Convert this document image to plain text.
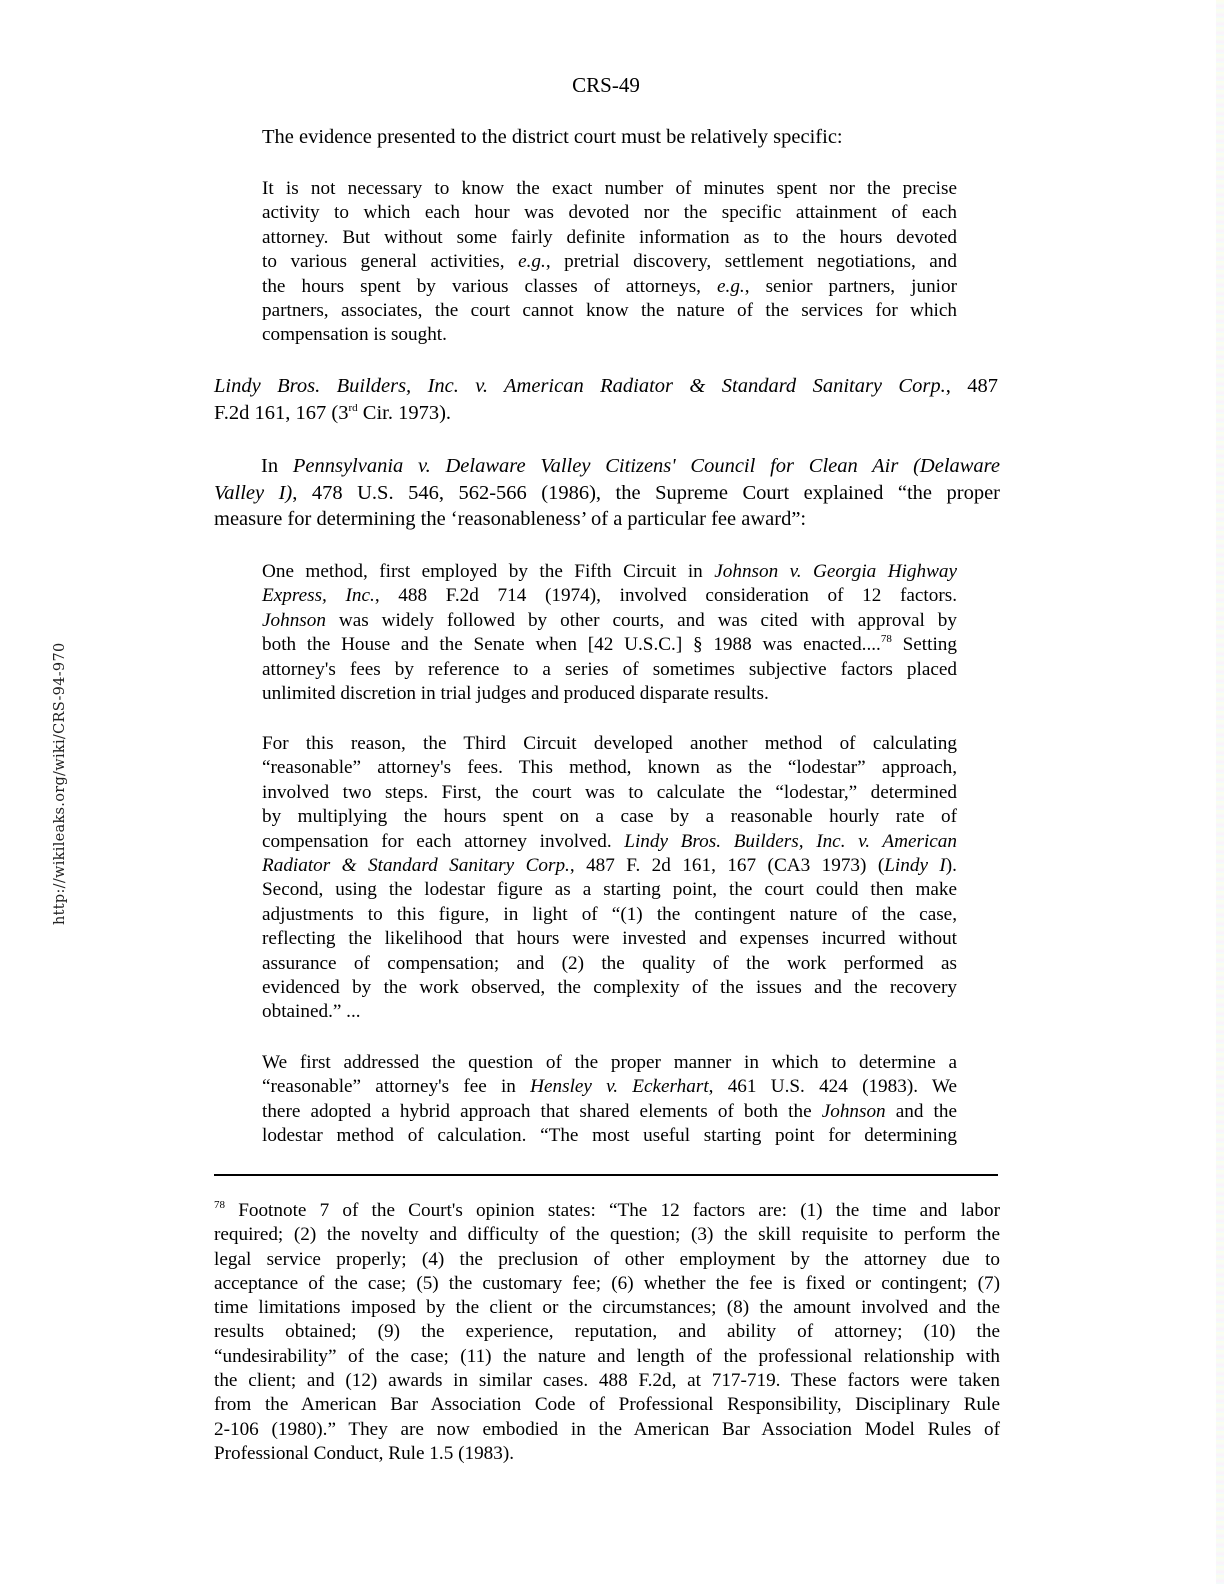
http://wikileaks.org/wiki/CRS-94-970
CRS-49
The evidence presented to the district court must be relatively specific:
It is not necessary to know the exact number of minutes spent nor the precise
activity to which each hour was devoted nor the specific attainment of each
attorney. But without some fairly definite information as to the hours devoted
to various general activities, e.g., pretrial discovery, settlement negotiations, and
the hours spent by various classes of attorneys, e.g., senior partners, junior
partners, associates, the court cannot know the nature of the services for which
compensation is sought.
Lindy Bros. Builders, Inc. v. American Radiator & Standard Sanitary Corp., 487
F.2d 161, 167 (3rd Cir. 1973).
In Pennsylvania v. Delaware Valley Citizens' Council for Clean Air (Delaware
Valley I), 478 U.S. 546, 562-566 (1986), the Supreme Court explained “the proper
measure for determining the ‘reasonableness’ of a particular fee award”:
One method, first employed by the Fifth Circuit in Johnson v. Georgia Highway
Express, Inc., 488 F.2d 714 (1974), involved consideration of 12 factors.
Johnson was widely followed by other courts, and was cited with approval by
both the House and the Senate when [42 U.S.C.] § 1988 was enacted....$^{78}$ Setting
attorney's fees by reference to a series of sometimes subjective factors placed
unlimited discretion in trial judges and produced disparate results.
For this reason, the Third Circuit developed another method of calculating
“reasonable” attorney's fees. This method, known as the “lodestar” approach,
involved two steps. First, the court was to calculate the “lodestar,” determined
by multiplying the hours spent on a case by a reasonable hourly rate of
compensation for each attorney involved. Lindy Bros. Builders, Inc. v. American
Radiator & Standard Sanitary Corp., 487 F. 2d 161, 167 (CA3 1973) (Lindy I).
Second, using the lodestar figure as a starting point, the court could then make
adjustments to this figure, in light of “(1) the contingent nature of the case,
reflecting the likelihood that hours were invested and expenses incurred without
assurance of compensation; and (2) the quality of the work performed as
evidenced by the work observed, the complexity of the issues and the recovery
obtained.” ...
We first addressed the question of the proper manner in which to determine a
“reasonable” attorney's fee in Hensley v. Eckerhart, 461 U.S. 424 (1983). We
there adopted a hybrid approach that shared elements of both the Johnson and the
lodestar method of calculation. “The most useful starting point for determining
$^{78}$ Footnote 7 of the Court's opinion states: “The 12 factors are: (1) the time and labor
required; (2) the novelty and difficulty of the question; (3) the skill requisite to perform the
legal service properly; (4) the preclusion of other employment by the attorney due to
acceptance of the case; (5) the customary fee; (6) whether the fee is fixed or contingent; (7)
time limitations imposed by the client or the circumstances; (8) the amount involved and the
results obtained; (9) the experience, reputation, and ability of attorney; (10) the
“undesirability” of the case; (11) the nature and length of the professional relationship with
the client; and (12) awards in similar cases. 488 F.2d, at 717-719. These factors were taken
from the American Bar Association Code of Professional Responsibility, Disciplinary Rule
2-106 (1980).” They are now embodied in the American Bar Association Model Rules of
Professional Conduct, Rule 1.5 (1983).
